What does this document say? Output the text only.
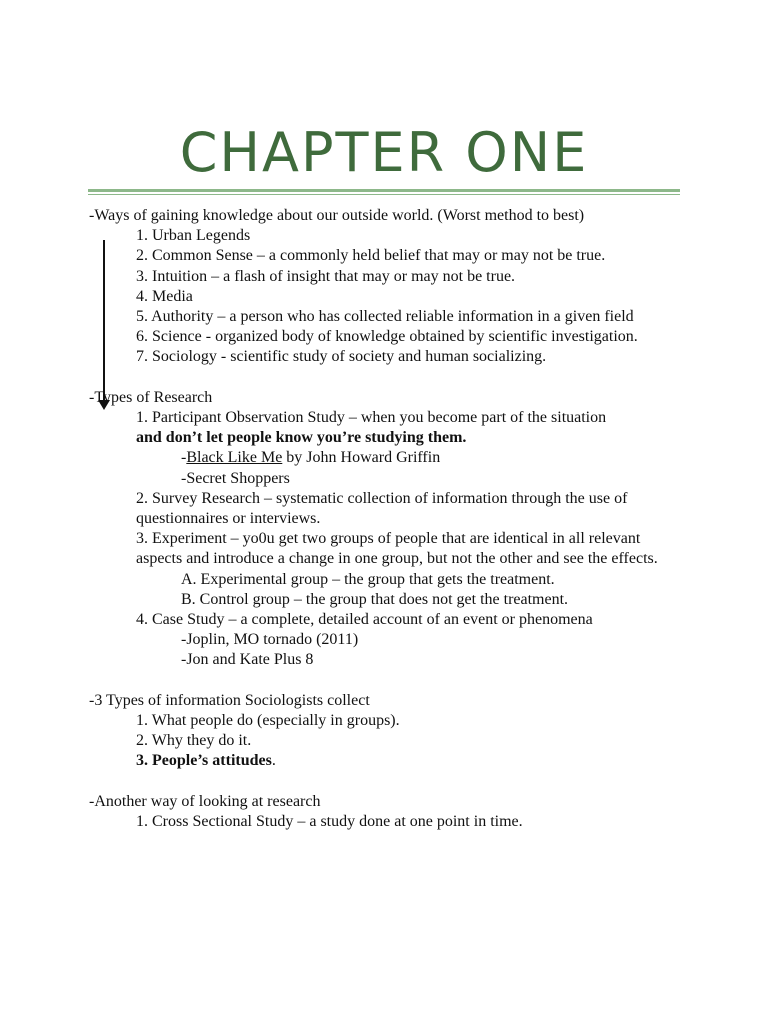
CHAPTER ONE

-Ways of gaining knowledge about our outside world. (Worst method to best)

1. Urban Legends

2. Common Sense – a commonly held belief that may or may not be true.

3. Intuition – a flash of insight that may or may not be true.

4. Media

5. Authority – a person who has collected reliable information in a given field

6. Science - organized body of knowledge obtained by scientific investigation.

7. Sociology - scientific study of society and human socializing.

-Types of Research

1. Participant Observation Study – when you become part of the situation

and don’t let people know you’re studying them.

-Black Like Me by John Howard Griffin

-Secret Shoppers

2. Survey Research – systematic collection of information through the use of questionnaires or interviews.

3. Experiment – yo0u get two groups of people that are identical in all relevant aspects and introduce a change in one group, but not the other and see the effects.

A. Experimental group – the group that gets the treatment.

B. Control group – the group that does not get the treatment.

4. Case Study – a complete, detailed account of an event or phenomena

-Joplin, MO tornado (2011)

-Jon and Kate Plus 8

-3 Types of information Sociologists collect

1. What people do (especially in groups).

2. Why they do it.

3. People’s attitudes.

-Another way of looking at research

1. Cross Sectional Study – a study done at one point in time.
